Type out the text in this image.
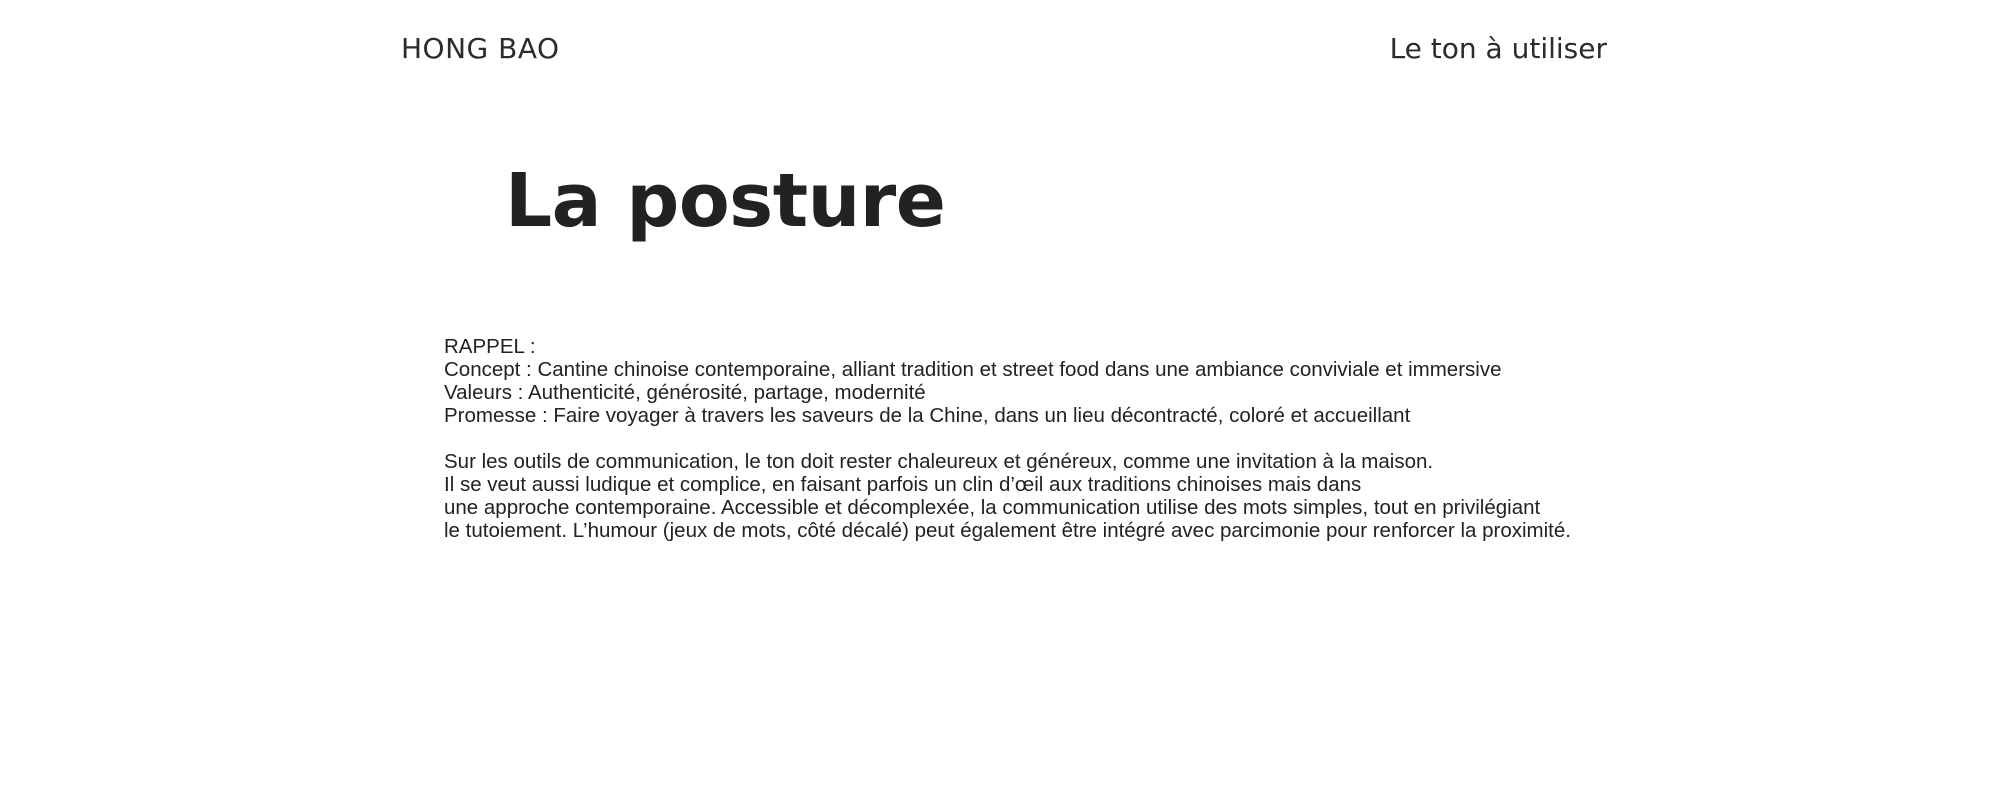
HONG BAO	Le ton à utiliser
La posture
RAPPEL :
Concept : Cantine chinoise contemporaine, alliant tradition et street food dans une ambiance conviviale et immersive
Valeurs : Authenticité, générosité, partage, modernité
Promesse : Faire voyager à travers les saveurs de la Chine, dans un lieu décontracté, coloré et accueillant
Sur les outils de communication, le ton doit rester chaleureux et généreux, comme une invitation à la maison.
Il se veut aussi ludique et complice, en faisant parfois un clin d’œil aux traditions chinoises mais dans
une approche contemporaine. Accessible et décomplexée, la communication utilise des mots simples, tout en privilégiant
le tutoiement. L’humour (jeux de mots, côté décalé) peut également être intégré avec parcimonie pour renforcer la proximité.
